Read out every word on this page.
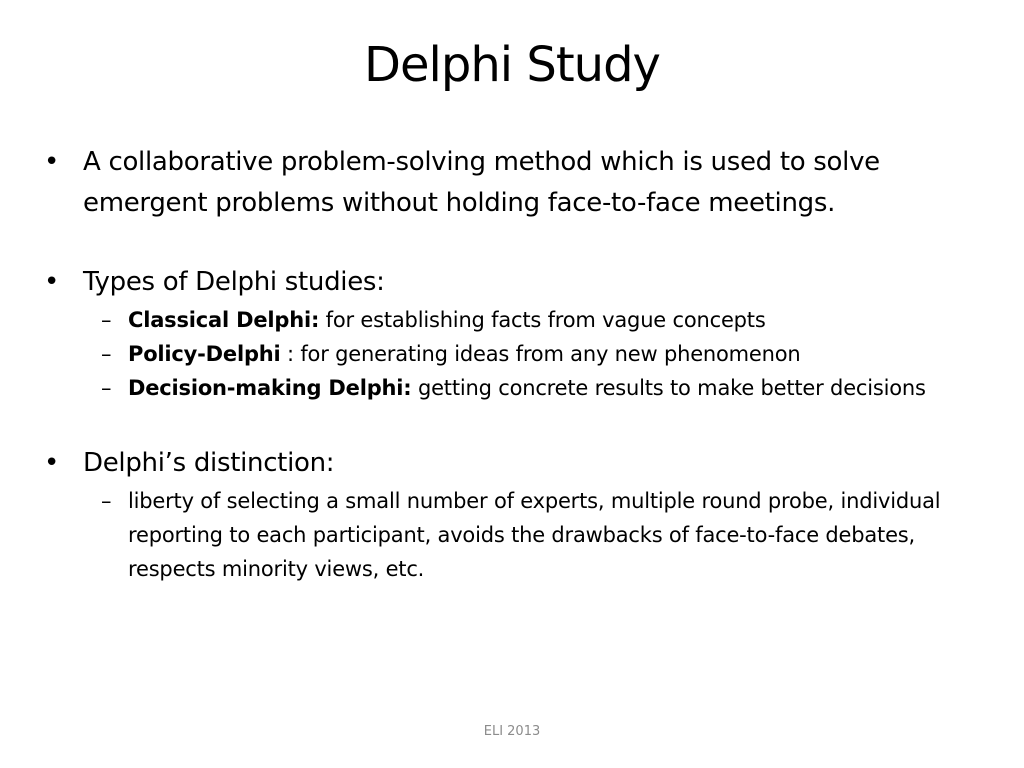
Delphi Study
• A collaborative problem-solving method which is used to solve emergent problems without holding face-to-face meetings.
• Types of Delphi studies:
– Classical Delphi: for establishing facts from vague concepts
– Policy-Delphi : for generating ideas from any new phenomenon
– Decision-making Delphi: getting concrete results to make better decisions
• Delphi’s distinction:
– liberty of selecting a small number of experts, multiple round probe, individual reporting to each participant, avoids the drawbacks of face-to-face debates, respects minority views, etc.
ELI 2013
